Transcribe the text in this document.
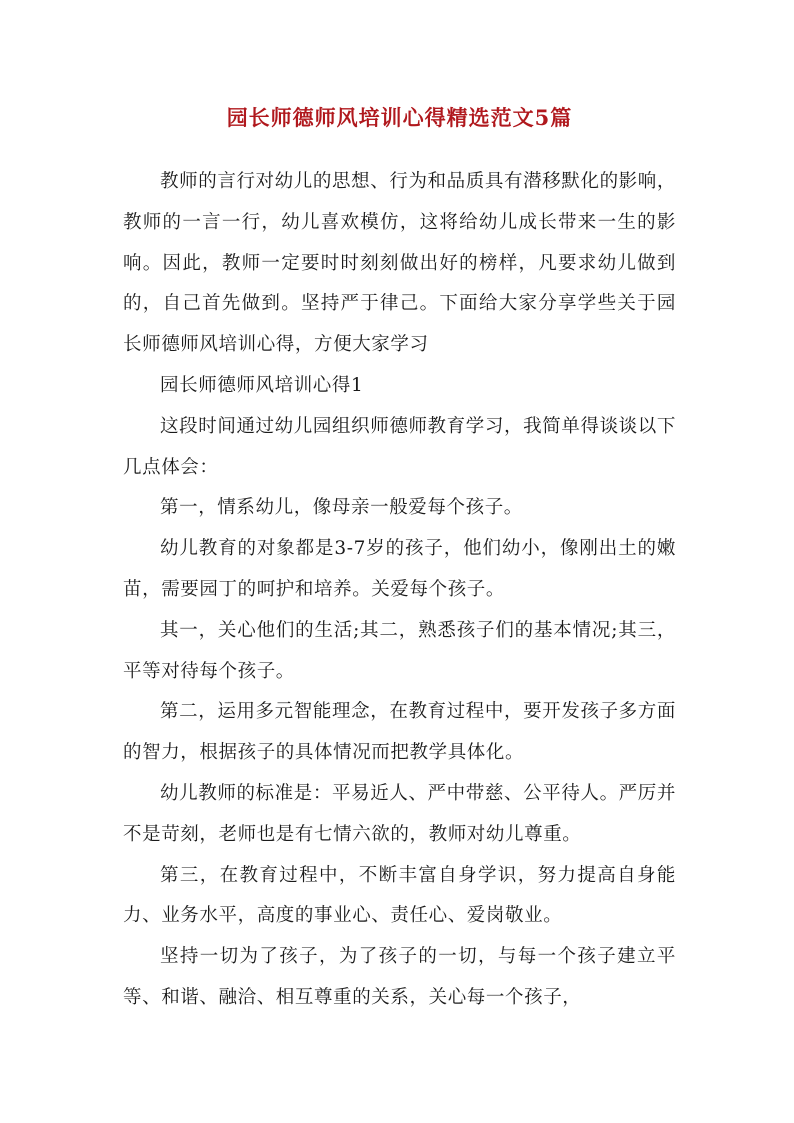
园长师德师风培训心得精选范文5篇

教师的言行对幼儿的思想、行为和品质具有潜移默化的影响，教师的一言一行，幼儿喜欢模仿，这将给幼儿成长带来一生的影响。因此，教师一定要时时刻刻做出好的榜样，凡要求幼儿做到的，自己首先做到。坚持严于律己。下面给大家分享学些关于园长师德师风培训心得，方便大家学习

园长师德师风培训心得1

这段时间通过幼儿园组织师德师教育学习，我简单得谈谈以下几点体会：

第一，情系幼儿，像母亲一般爱每个孩子。

幼儿教育的对象都是3-7岁的孩子，他们幼小，像刚出土的嫩苗，需要园丁的呵护和培养。关爱每个孩子。

其一，关心他们的生活;其二，熟悉孩子们的基本情况;其三，平等对待每个孩子。

第二，运用多元智能理念，在教育过程中，要开发孩子多方面的智力，根据孩子的具体情况而把教学具体化。

幼儿教师的标准是：平易近人、严中带慈、公平待人。严厉并不是苛刻，老师也是有七情六欲的，教师对幼儿尊重。

第三，在教育过程中，不断丰富自身学识，努力提高自身能力、业务水平，高度的事业心、责任心、爱岗敬业。

坚持一切为了孩子，为了孩子的一切，与每一个孩子建立平等、和谐、融洽、相互尊重的关系，关心每一个孩子，
